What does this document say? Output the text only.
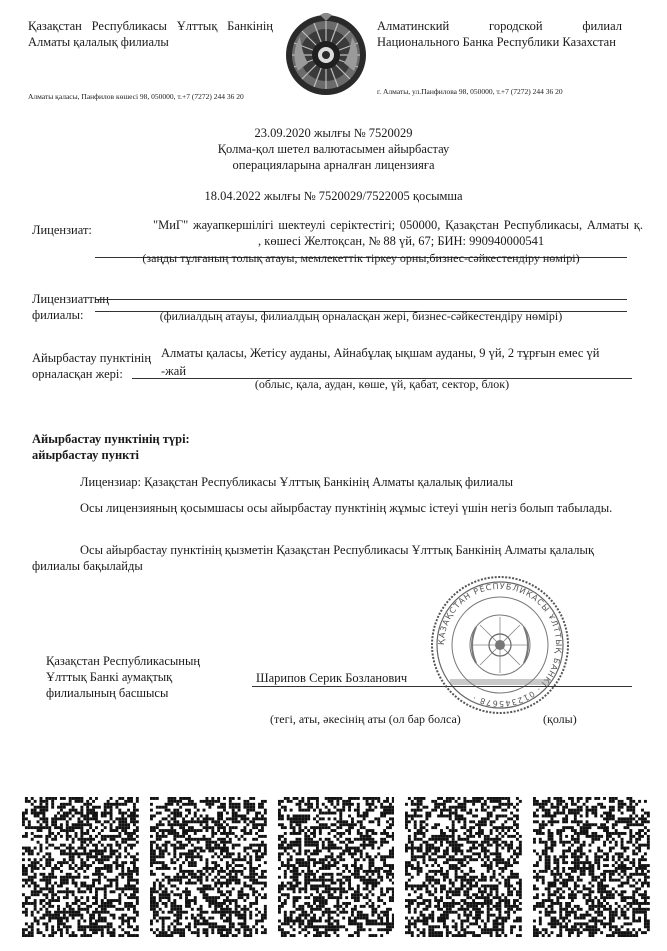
Қазақстан Республикасы Ұлттық Банкінің
Алматы қалалық филиалы
Алматы қаласы, Панфилов көшесі 98, 050000, т.+7 (7272) 244 36 20
Алматинский городской филиал
Национального Банка Республики Казахстан
г. Алматы, ул.Панфилова 98, 050000, т.+7 (7272) 244 36 20
23.09.2020 жылғы № 7520029
Қолма-қол шетел валютасымен айырбастау
операцияларына арналған лицензияға
18.04.2022 жылғы № 7520029/7522005 қосымша
Лицензиат:	"МиГ" жауапкершілігі шектеулі серіктестігі; 050000, Қазақстан Республикасы, Алматы қ.
, көшесі Желтоқсан, № 88 үй, 67; БИН: 990940000541
(заңды тұлғаның толық атауы, мемлекеттік тіркеу орны,бизнес-сәйкестендіру нөмірі)
Лицензиаттың
филиалы:	(филиалдың атауы, филиалдың орналасқан жері, бизнес-сәйкестендіру нөмірі)
Айырбастау пунктінің
орналасқан жері:
Алматы қаласы, Жетісу ауданы, Айнабұлақ ықшам ауданы, 9 үй, 2 тұрғын емес үй
-жай
(облыс, қала, аудан, көше, үй, қабат, сектор, блок)
Айырбастау пунктінің түрі:
айырбастау пункті
Лицензиар: Қазақстан Республикасы Ұлттық Банкінің Алматы қалалық филиалы
Осы лицензияның қосымшасы осы айырбастау пунктінің жұмыс істеуі үшін негіз болып табылады.
Осы айырбастау пунктінің қызметін Қазақстан Республикасы Ұлттық Банкінің Алматы қалалық
филиалы бақылайды
ҚАЗАҚСТАН РЕСПУБЛИКАСЫ ҰЛТТЫҚ БАНКІ · 012345678 ·
Қазақстан Республикасының
Ұлттық Банкі аумақтық
филиалының басшысы
Шарипов Серик Бозланович
(тегі, аты, әкесінің аты (ол бар болса)	(қолы)
